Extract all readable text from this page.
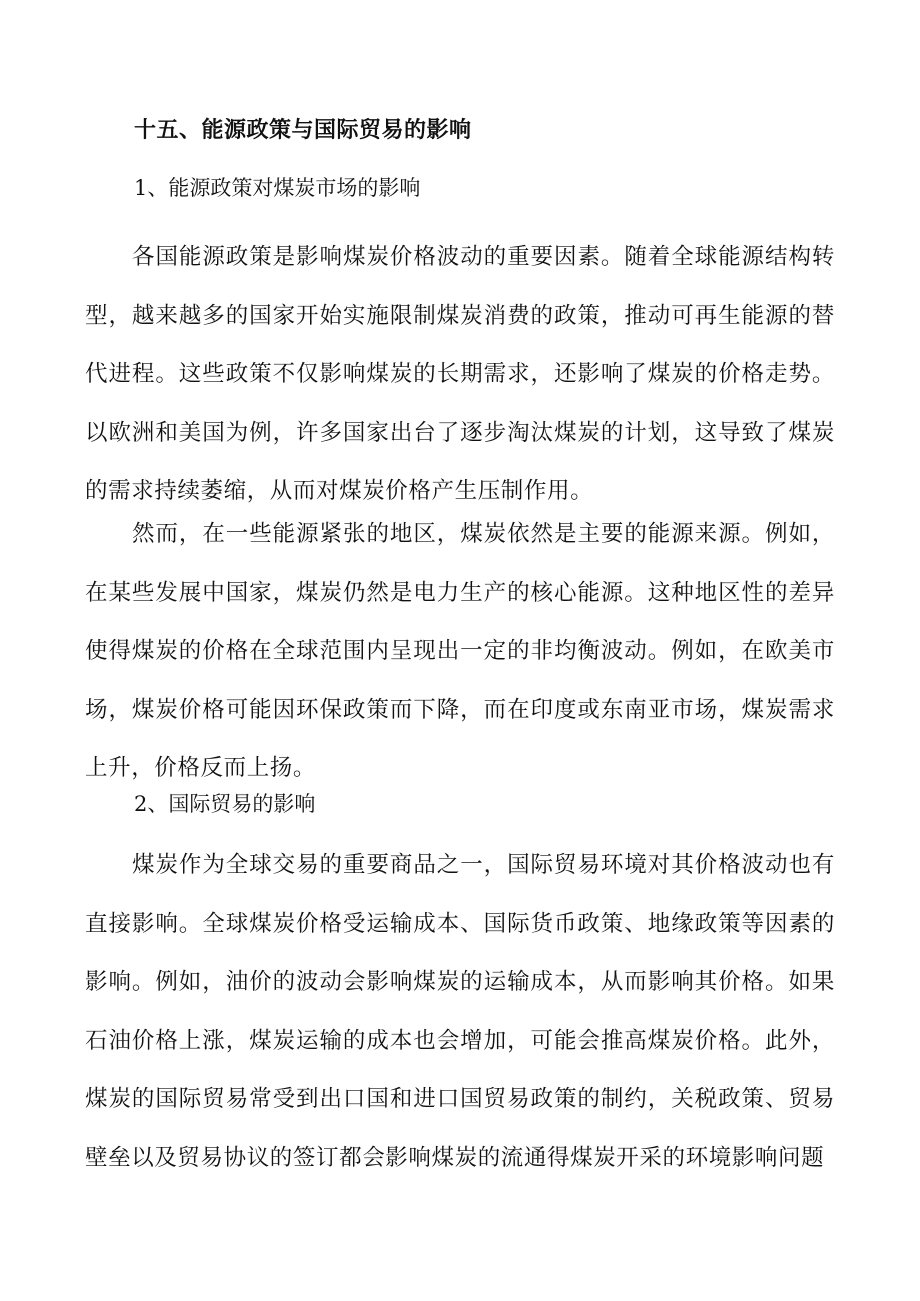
十五、能源政策与国际贸易的影响
1、能源政策对煤炭市场的影响

各国能源政策是影响煤炭价格波动的重要因素。随着全球能源结构转型，越来越多的国家开始实施限制煤炭消费的政策，推动可再生能源的替代进程。这些政策不仅影响煤炭的长期需求，还影响了煤炭的价格走势。以欧洲和美国为例，许多国家出台了逐步淘汰煤炭的计划，这导致了煤炭的需求持续萎缩，从而对煤炭价格产生压制作用。

然而，在一些能源紧张的地区，煤炭依然是主要的能源来源。例如，在某些发展中国家，煤炭仍然是电力生产的核心能源。这种地区性的差异使得煤炭的价格在全球范围内呈现出一定的非均衡波动。例如，在欧美市场，煤炭价格可能因环保政策而下降，而在印度或东南亚市场，煤炭需求上升，价格反而上扬。

2、国际贸易的影响

煤炭作为全球交易的重要商品之一，国际贸易环境对其价格波动也有直接影响。全球煤炭价格受运输成本、国际货币政策、地缘政策等因素的影响。例如，油价的波动会影响煤炭的运输成本，从而影响其价格。如果石油价格上涨，煤炭运输的成本也会增加，可能会推高煤炭价格。此外，煤炭的国际贸易常受到出口国和进口国贸易政策的制约，关税政策、贸易壁垒以及贸易协议的签订都会影响煤炭的流通得煤炭开采的环境影响问题
